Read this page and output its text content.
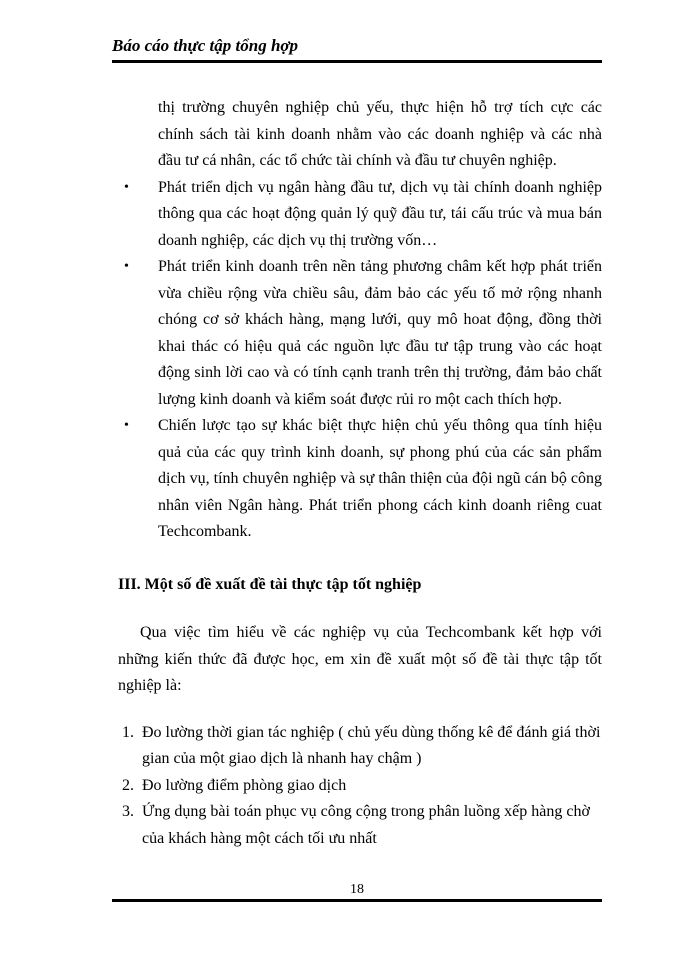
Báo cáo thực tập tổng hợp

thị trường chuyên nghiệp chủ yếu, thực hiện hỗ trợ tích cực các chính sách tài kinh doanh nhằm vào các doanh nghiệp và các nhà đầu tư cá nhân, các tổ chức tài chính và đầu tư chuyên nghiệp.

• Phát triển dịch vụ ngân hàng đầu tư, dịch vụ tài chính doanh nghiệp thông qua các hoạt động quản lý quỹ đầu tư, tái cấu trúc và mua bán doanh nghiệp, các dịch vụ thị trường vốn…
• Phát triển kinh doanh trên nền tảng phương châm kết hợp phát triển vừa chiều rộng vừa chiều sâu, đảm bảo các yếu tố mở rộng nhanh chóng cơ sở khách hàng, mạng lưới, quy mô hoat động, đồng thời khai thác có hiệu quả các nguồn lực đầu tư tập trung vào các hoạt động sinh lời cao và có tính cạnh tranh trên thị trường, đảm bảo chất lượng kinh doanh và kiểm soát được rủi ro một cach thích hợp.
• Chiến lược tạo sự khác biệt thực hiện chủ yếu thông qua tính hiệu quả của các quy trình kinh doanh, sự phong phú của các sản phẩm dịch vụ, tính chuyên nghiệp và sự thân thiện của đội ngũ cán bộ công nhân viên Ngân hàng. Phát triển phong cách kinh doanh riêng cuat Techcombank.
III. Một số đề xuất đề tài thực tập tốt nghiệp

Qua việc tìm hiểu về các nghiệp vụ của Techcombank kết hợp với những kiến thức đã được học, em xin đề xuất một số đề tài thực tập tốt nghiệp là:

1. Đo lường thời gian tác nghiệp ( chủ yếu dùng thống kê để đánh giá thời gian của một giao dịch là nhanh hay chậm )
2. Đo lường điểm phòng giao dịch
3. Ứng dụng bài toán phục vụ công cộng trong phân luồng xếp hàng chờ của khách hàng một cách tối ưu nhất
18
